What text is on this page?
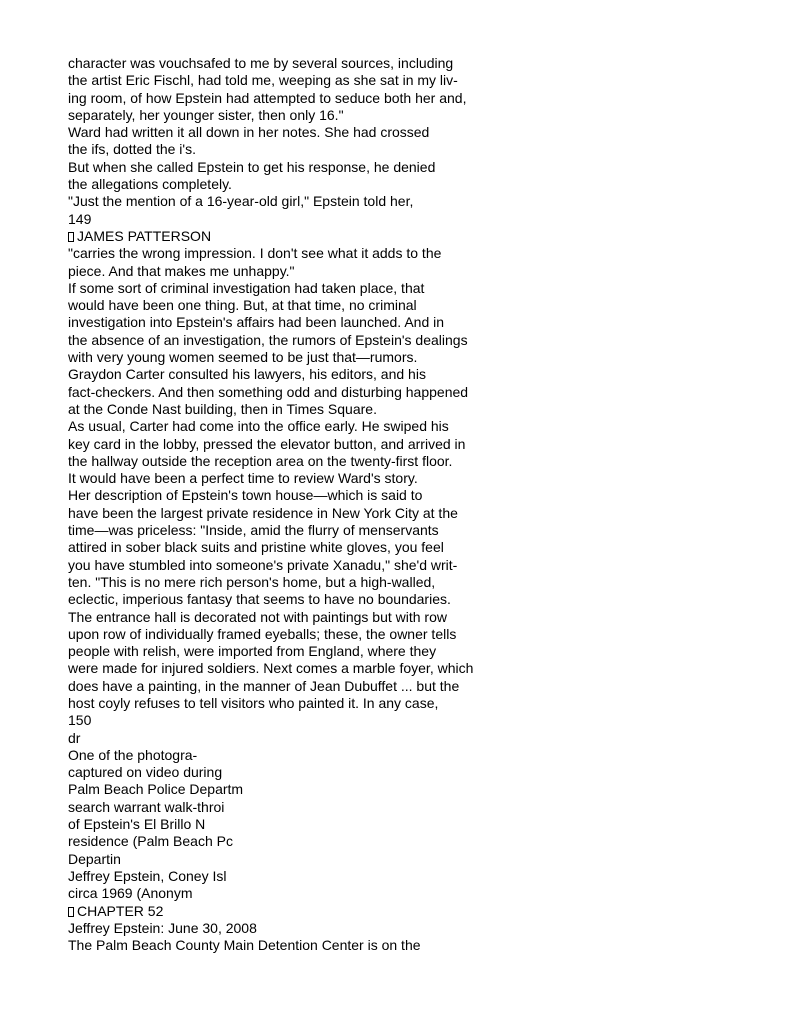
character was vouchsafed to me by several sources, including
the artist Eric Fischl, had told me, weeping as she sat in my liv-
ing room, of how Epstein had attempted to seduce both her and,
separately, her younger sister, then only 16."
Ward had written it all down in her notes. She had crossed
the ifs, dotted the i's.
But when she called Epstein to get his response, he denied
the allegations completely.
"Just the mention of a 16-year-old girl," Epstein told her,
149
JAMES PATTERSON
"carries the wrong impression. I don't see what it adds to the
piece. And that makes me unhappy."
If some sort of criminal investigation had taken place, that
would have been one thing. But, at that time, no criminal
investigation into Epstein's affairs had been launched. And in
the absence of an investigation, the rumors of Epstein's dealings
with very young women seemed to be just that—rumors.
Graydon Carter consulted his lawyers, his editors, and his
fact-checkers. And then something odd and disturbing happened
at the Conde Nast building, then in Times Square.
As usual, Carter had come into the office early. He swiped his
key card in the lobby, pressed the elevator button, and arrived in
the hallway outside the reception area on the twenty-first floor.
It would have been a perfect time to review Ward's story.
Her description of Epstein's town house—which is said to
have been the largest private residence in New York City at the
time—was priceless: "Inside, amid the flurry of menservants
attired in sober black suits and pristine white gloves, you feel
you have stumbled into someone's private Xanadu," she'd writ-
ten. "This is no mere rich person's home, but a high-walled,
eclectic, imperious fantasy that seems to have no boundaries.
The entrance hall is decorated not with paintings but with row
upon row of individually framed eyeballs; these, the owner tells
people with relish, were imported from England, where they
were made for injured soldiers. Next comes a marble foyer, which
does have a painting, in the manner of Jean Dubuffet ... but the
host coyly refuses to tell visitors who painted it. In any case,
150
dr
One of the photogra-
captured on video during
Palm Beach Police Departm
search warrant walk-throi
of Epstein's El Brillo N
residence (Palm Beach Pc
Departin
Jeffrey Epstein, Coney Isl
circa 1969 (Anonym
CHAPTER 52
Jeffrey Epstein: June 30, 2008
The Palm Beach County Main Detention Center is on the
